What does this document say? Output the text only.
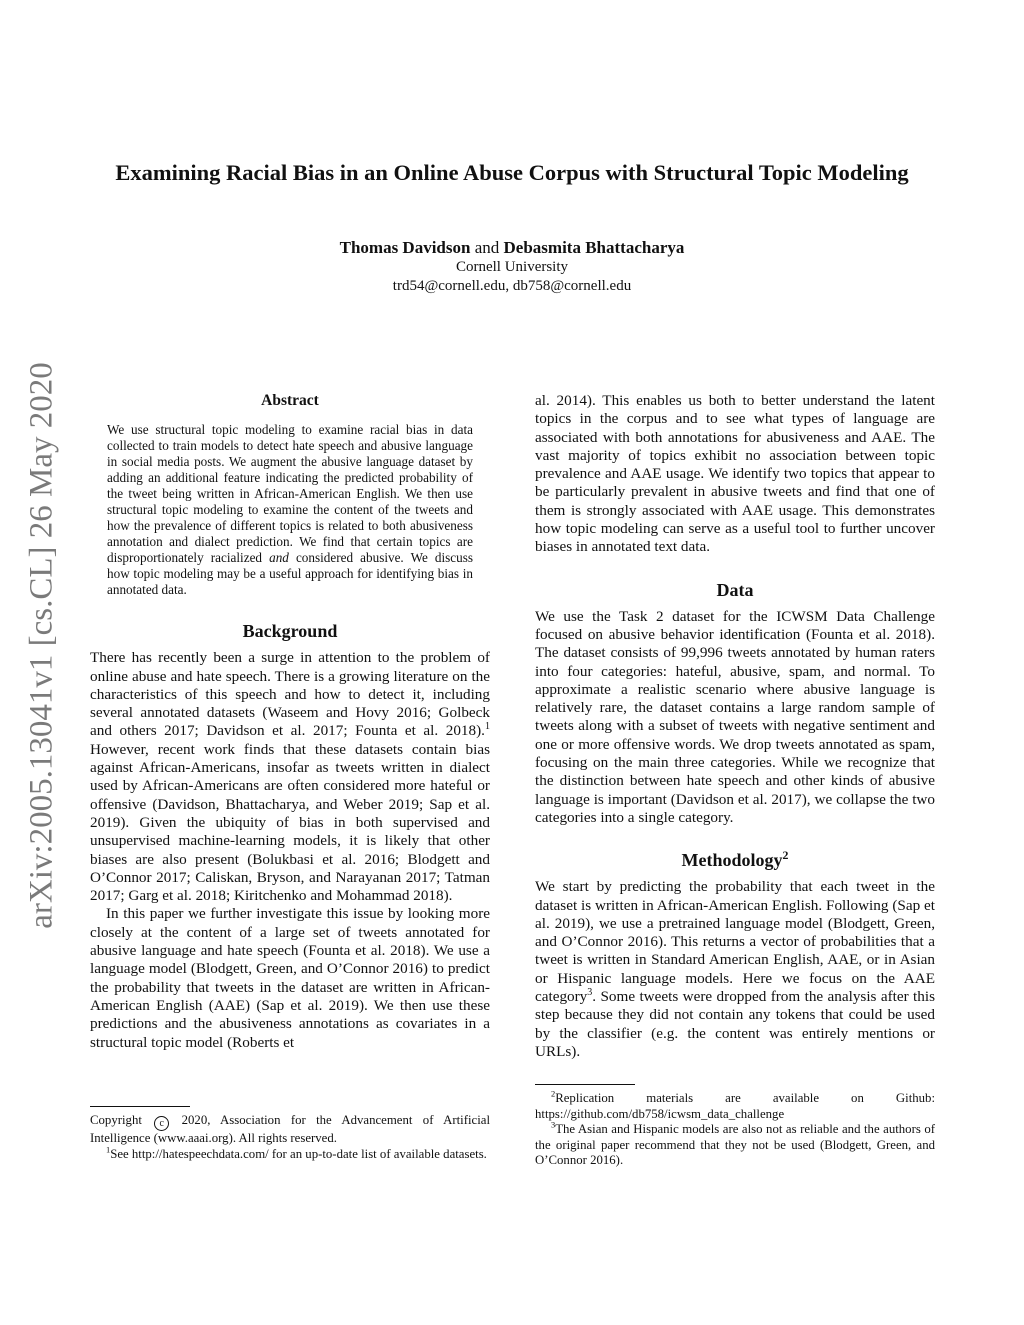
arXiv:2005.13041v1 [cs.CL] 26 May 2020
Examining Racial Bias in an Online Abuse Corpus with Structural Topic Modeling
Thomas Davidson and Debasmita Bhattacharya
Cornell University
trd54@cornell.edu, db758@cornell.edu
Abstract

We use structural topic modeling to examine racial bias in data collected to train models to detect hate speech and abusive language in social media posts. We augment the abusive language dataset by adding an additional feature indicating the predicted probability of the tweet being written in African-American English. We then use structural topic modeling to examine the content of the tweets and how the prevalence of different topics is related to both abusiveness annotation and dialect prediction. We find that certain topics are disproportionately racialized and considered abusive. We discuss how topic modeling may be a useful approach for identifying bias in annotated data.

Background

There has recently been a surge in attention to the problem of online abuse and hate speech. There is a growing literature on the characteristics of this speech and how to detect it, including several annotated datasets (Waseem and Hovy 2016; Golbeck and others 2017; Davidson et al. 2017; Founta et al. 2018).$^1$ However, recent work finds that these datasets contain bias against African-Americans, insofar as tweets written in dialect used by African-Americans are often considered more hateful or offensive (Davidson, Bhattacharya, and Weber 2019; Sap et al. 2019). Given the ubiquity of bias in both supervised and unsupervised machine-learning models, it is likely that other biases are also present (Bolukbasi et al. 2016; Blodgett and O’Connor 2017; Caliskan, Bryson, and Narayanan 2017; Tatman 2017; Garg et al. 2018; Kiritchenko and Mohammad 2018).

In this paper we further investigate this issue by looking more closely at the content of a large set of tweets annotated for abusive language and hate speech (Founta et al. 2018). We use a language model (Blodgett, Green, and O’Connor 2016) to predict the probability that tweets in the dataset are written in African-American English (AAE) (Sap et al. 2019). We then use these predictions and the abusiveness annotations as covariates in a structural topic model (Roberts et

Copyright c 2020, Association for the Advancement of Artificial Intelligence (www.aaai.org). All rights reserved.

$^1$See http://hatespeechdata.com/ for an up-to-date list of available datasets.

al. 2014). This enables us both to better understand the latent topics in the corpus and to see what types of language are associated with both annotations for abusiveness and AAE. The vast majority of topics exhibit no association between topic prevalence and AAE usage. We identify two topics that appear to be particularly prevalent in abusive tweets and find that one of them is strongly associated with AAE usage. This demonstrates how topic modeling can serve as a useful tool to further uncover biases in annotated text data.

Data

We use the Task 2 dataset for the ICWSM Data Challenge focused on abusive behavior identification (Founta et al. 2018). The dataset consists of 99,996 tweets annotated by human raters into four categories: hateful, abusive, spam, and normal. To approximate a realistic scenario where abusive language is relatively rare, the dataset contains a large random sample of tweets along with a subset of tweets with negative sentiment and one or more offensive words. We drop tweets annotated as spam, focusing on the main three categories. While we recognize that the distinction between hate speech and other kinds of abusive language is important (Davidson et al. 2017), we collapse the two categories into a single category.

Methodology$^2$

We start by predicting the probability that each tweet in the dataset is written in African-American English. Following (Sap et al. 2019), we use a pretrained language model (Blodgett, Green, and O’Connor 2016). This returns a vector of probabilities that a tweet is written in Standard American English, AAE, or in Asian or Hispanic language models. Here we focus on the AAE category$^3$. Some tweets were dropped from the analysis after this step because they did not contain any tokens that could be used by the classifier (e.g. the content was entirely mentions or URLs).

$^2$Replication materials are available on Github: https://github.com/db758/icwsm_data_challenge

$^3$The Asian and Hispanic models are also not as reliable and the authors of the original paper recommend that they not be used (Blodgett, Green, and O’Connor 2016).
